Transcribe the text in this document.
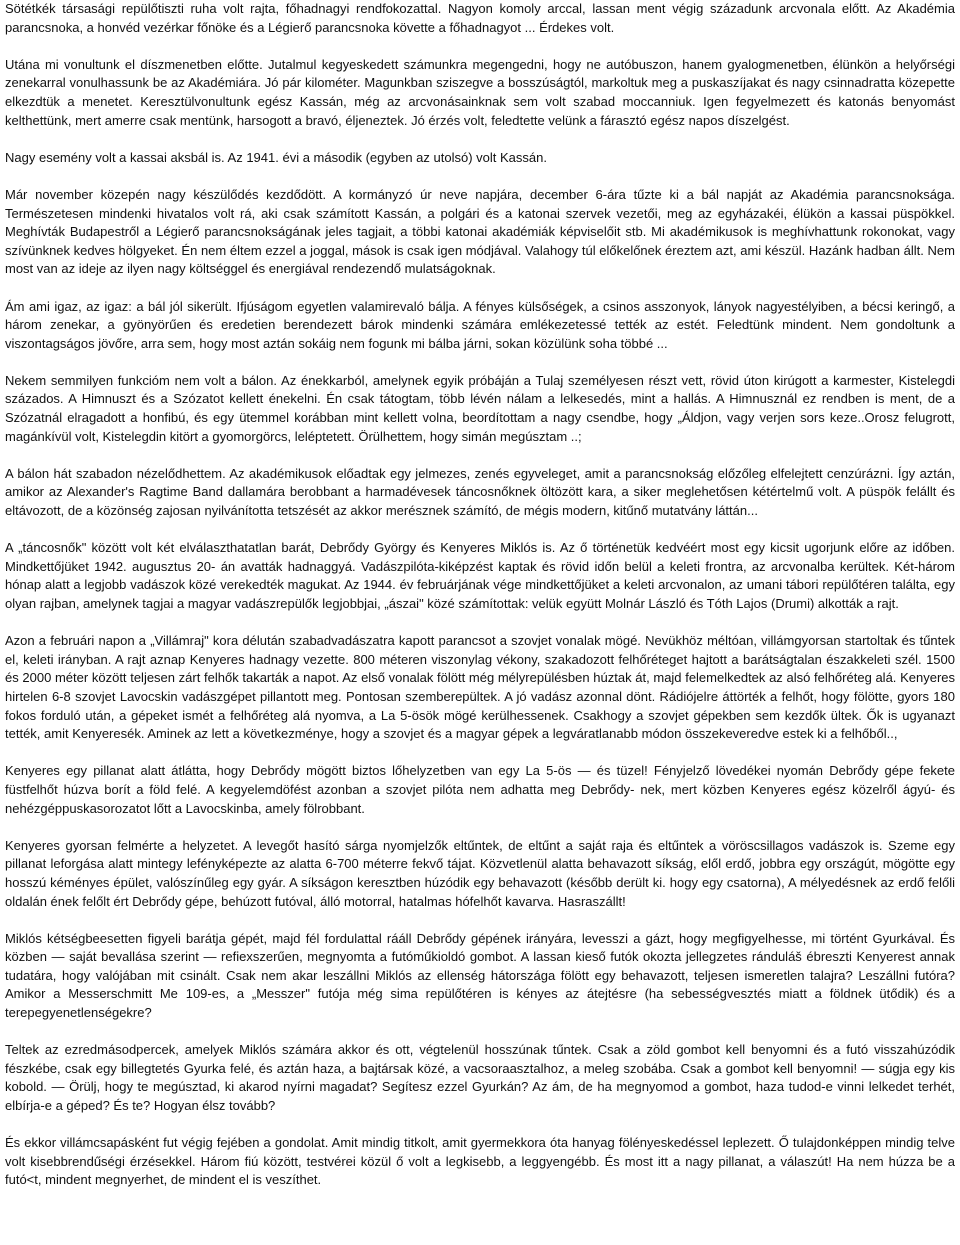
Sötétkék társasági repülőtiszti ruha volt rajta, főhadnagyi rendfokozattal. Nagyon komoly arccal, lassan ment végig századunk arcvonala előtt. Az Akadémia parancsnoka, a honvéd vezérkar főnöke és a Légierő parancsnoka követte a főhadnagyot ... Érdekes volt.

Utána mi vonultunk el díszmenetben előtte. Jutalmul kegyeskedett számunkra megengedni, hogy ne autóbuszon, hanem gyalogmenetben, élünkön a helyőrségi zenekarral vonulhassunk be az Akadémiára. Jó pár kilométer. Magunkban sziszegve a bosszúságtól, markoltuk meg a puskaszíjakat és nagy csinnadratta közepette elkezdtük a menetet. Keresztülvonultunk egész Kassán, még az arcvonásainknak sem volt szabad moccanniuk. Igen fegyelmezett és katonás benyomást kelthettünk, mert amerre csak mentünk, harsogott a bravó, éljeneztek. Jó érzés volt, feledtette velünk a fárasztó egész napos díszelgést.

Nagy esemény volt a kassai aksbál is. Az 1941. évi a második (egyben az utolsó) volt Kassán.

Már november közepén nagy készülődés kezdődött. A kormányzó úr neve napjára, december 6-ára tűzte ki a bál napját az Akadémia parancsnoksága. Természetesen mindenki hivatalos volt rá, aki csak számított Kassán, a polgári és a katonai szervek vezetői, meg az egyházakéi, élükön a kassai püspökkel. Meghívták Budapestről a Légierő parancsnokságának jeles tagjait, a többi katonai akadémiák képviselőit stb. Mi akadémikusok is meghívhattunk rokonokat, vagy szívünknek kedves hölgyeket. Én nem éltem ezzel a joggal, mások is csak igen módjával. Valahogy túl előkelőnek éreztem azt, ami készül. Hazánk hadban állt. Nem most van az ideje az ilyen nagy költséggel és energiával rendezendő mulatságoknak.

Ám ami igaz, az igaz: a bál jól sikerült. Ifjúságom egyetlen valamirevaló bálja. A fényes külsőségek, a csinos asszonyok, lányok nagyestélyiben, a bécsi keringő, a három zenekar, a gyönyörűen és eredetien berendezett bárok mindenki számára emlékezetessé tették az estét. Feledtünk mindent. Nem gondoltunk a viszontagságos jövőre, arra sem, hogy most aztán sokáig nem fogunk mi bálba járni, sokan közülünk soha többé ...

Nekem semmilyen funkcióm nem volt a bálon. Az énekkarból, amelynek egyik próbáján a Tulaj személyesen részt vett, rövid úton kirúgott a karmester, Kistelegdi százados. A Himnuszt és a Szózatot kellett énekelni. Én csak tátogtam, több lévén nálam a lelkesedés, mint a hallás. A Himnusznál ez rendben is ment, de a Szózatnál elragadott a honfibú, és egy ütemmel korábban mint kellett volna, beordítottam a nagy csendbe, hogy „Áldjon, vagy verjen sors keze..Orosz felugrott, magánkívül volt, Kistelegdin kitört a gyomorgörcs, leléptetett. Örülhettem, hogy simán megúsztam ..;

A bálon hát szabadon nézelődhettem. Az akadémikusok előadtak egy jelmezes, zenés egyveleget, amit a parancsnokság előzőleg elfelejtett cenzúrázni. Így aztán, amikor az Alexander's Ragtime Band dallamára berobbant a harmadévesek táncosnőknek öltözött kara, a siker meglehetősen kétértelmű volt. A püspök felállt és eltávozott, de a közönség zajosan nyilvánította tetszését az akkor merésznek számító, de mégis modern, kitűnő mutatvány láttán...

A „táncosnők" között volt két elválaszthatatlan barát, Debrődy György és Kenyeres Miklós is. Az ő történetük kedvéért most egy kicsit ugorjunk előre az időben. Mindkettőjüket 1942. augusztus 20- án avatták hadnaggyá. Vadászpilóta-kiképzést kaptak és rövid időn belül a keleti frontra, az arcvonalba kerültek. Két-három hónap alatt a legjobb vadászok közé verekedték magukat. Az 1944. év februárjának vége mindkettőjüket a keleti arcvonalon, az umani tábori repülőtéren találta, egy olyan rajban, amelynek tagjai a magyar vadászrepülők legjobbjai, „ászai" közé számítottak: velük együtt Molnár László és Tóth Lajos (Drumi) alkották a rajt.

Azon a februári napon a „Villámraj" korа délután szabadvadászatra kapott parancsot a szovjet vonalak mögé. Nevükhöz méltóan, villámgyorsan startoltak és tűntek el, keleti irányban. A rajt aznap Kenyeres hadnagy vezette. 800 méteren viszonylag vékony, szakadozott felhőréteget hajtott a barátságtalan északkeleti szél. 1500 és 2000 méter között teljesen zárt felhők takarták a napot. Az első vonalak fölött még mélyrepülésben húztak át, majd felemelkedtek az alsó felhőréteg alá. Kenyeres hirtelen 6-8 szovjet Lavocskin vadászgépet pillantott meg. Pontosan szemberepültek. A jó vadász azonnal dönt. Rádiójelre áttörték a felhőt, hogy fölötte, gyors 180 fokos forduló után, a gépeket ismét a felhőréteg alá nyomva, a La 5-ösök mögé kerülhessenek. Csakhogy a szovjet gépekben sem kezdők ültek. Ők is ugyanazt tették, amit Kenyeresék. Aminek az lett a következménye, hogy a szovjet és a magyar gépek a legváratlanabb módon összekeveredve estek ki a felhőből..,

Kenyeres egy pillanat alatt átlátta, hogy Debrődy mögött biztos lőhelyzetben van egy La 5-ös — és tüzel! Fényjelző lövedékei nyomán Debrődy gépe fekete füstfelhőt húzva borít a föld felé. A kegyelemdöfést azonban a szovjet pilóta nem adhatta meg Debrődy- nek, mert közben Kenyeres egész közelről ágyú- és nehézgéppuskasorozatot lőtt a Lavocskinba, amely fölrobbant.

Kenyeres gyorsan felmérte a helyzetet. A levegőt hasító sárga nyomjelzők eltűntek, de eltűnt a saját raja és eltűntek a vöröscsillagos vadászok is. Szeme egy pillanat leforgása alatt mintegy lefényképezte az alatta 6-700 méterre fekvő tájat. Közvetlenül alatta behavazott síkság, elől erdő, jobbra egy országút, mögötte egy hosszú kéményes épület, valószínűleg egy gyár. A síkságon keresztben húzódik egy behavazott (később derült ki. hogy egy csatorna), A mélyedésnek az erdő felőli oldalán ének felőlt ért Debrődy gépe, behúzott futóval, álló motorral, hatalmas hófelhőt kavarva. Hasraszállt!

Miklós kétségbeesetten figyeli barátja gépét, majd fél fordulattal rááll Debrődy gépének irányára, levesszi a gázt, hogy megfigyelhesse, mi történt Gyurkával. És közben — saját bevallása szerint — refiexszerűen, megnyomta a futóműkioldó gombot. A lassan kieső futók okozta jellegzetes ránduláš ébreszti Kenyerest annak tudatára, hogy valójában mit csinált. Csak nem akar leszállni Miklós az ellenség hátországa fölött egy behavazott, teljesen ismeretlen talajra? Leszállni futóra? Amikor a Messerschmitt Me 109-es, a „Messzer" futója még sima repülőtéren is kényes az átejtésre (ha sebességvesztés miatt a földnek ütődik) és a terepegyenetlenségekre?

Teltek az ezredmásodpercek, amelyek Miklós számára akkor és ott, végtelenül hosszúnak tűntek. Csak a zöld gombot kell benyomni és a futó visszahúzódik fészkébe, csak egy billegtetés Gyurka felé, és aztán haza, a bajtársak közé, a vacsoraasztalhoz, a meleg szobába. Csak a gombot kell benyomni! — súgja egy kis kobold. — Örülj, hogy te megúsztad, ki akarod nyírni magadat? Segítesz ezzel Gyurkán? Az ám, de ha megnyomod a gombot, haza tudod-e vinni lelkedet terhét, elbírja-e a géped? És te? Hogyan élsz tovább?

És ekkor villámcsapásként fut végig fejében a gondolat. Amit mindig titkolt, amit gyermekkora óta hanyag fölényeskedéssel leplezett. Ő tulajdonképpen mindig telve volt kisebbrendűségi érzésekkel. Három fiú között, testvérei közül ő volt a legkisebb, a leggyengébb. És most itt a nagy pillanat, a válaszút! Ha nem húzza be a futó<t, mindent megnyerhet, de mindent el is veszíthet.
